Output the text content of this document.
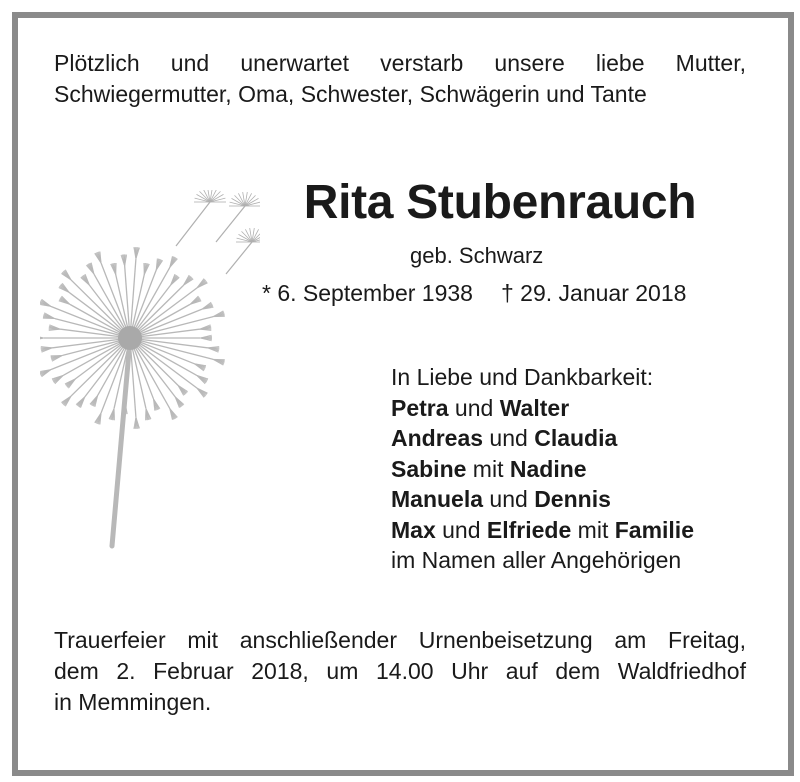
Plötzlich und unerwartet verstarb unsere liebe Mutter,
Schwiegermutter, Oma, Schwester, Schwägerin und Tante
Rita Stubenrauch
geb. Schwarz
* 6. September 1938 † 29. Januar 2018
In Liebe und Dankbarkeit:
Petra und Walter
Andreas und Claudia
Sabine mit Nadine
Manuela und Dennis
Max und Elfriede mit Familie
im Namen aller Angehörigen
Trauerfeier mit anschließender Urnenbeisetzung am Freitag,
dem 2. Februar 2018, um 14.00 Uhr auf dem Waldfriedhof
in Memmingen.
